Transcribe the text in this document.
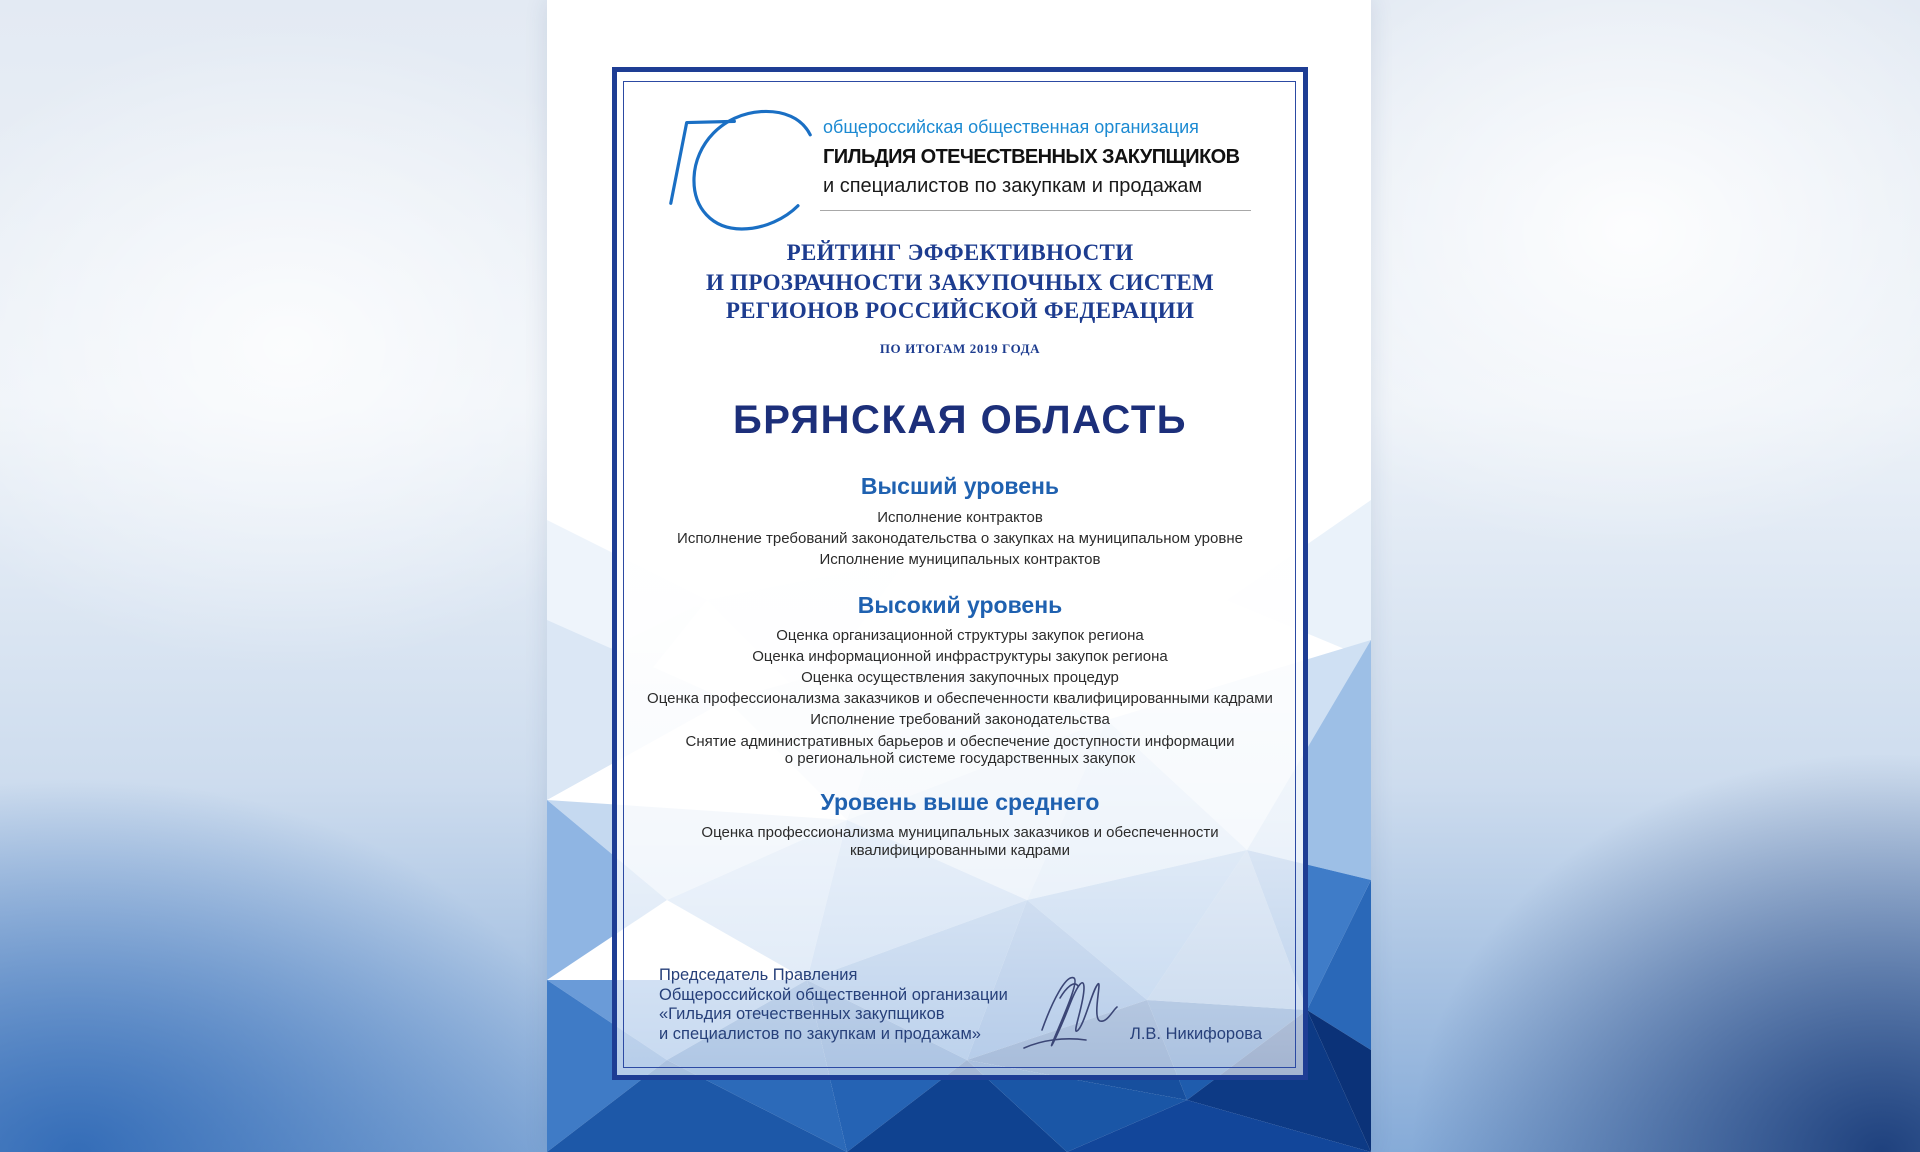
общероссийская общественная организация
ГИЛЬДИЯ ОТЕЧЕСТВЕННЫХ ЗАКУПЩИКОВ
и специалистов по закупкам и продажам
РЕЙТИНГ ЭФФЕКТИВНОСТИ
И ПРОЗРАЧНОСТИ ЗАКУПОЧНЫХ СИСТЕМ
РЕГИОНОВ РОССИЙСКОЙ ФЕДЕРАЦИИ
ПО ИТОГАМ 2019 ГОДА
БРЯНСКАЯ ОБЛАСТЬ
Высший уровень
Исполнение контрактов
Исполнение требований законодательства о закупках на муниципальном уровне
Исполнение муниципальных контрактов
Высокий уровень
Оценка организационной структуры закупок региона
Оценка информационной инфраструктуры закупок региона
Оценка осуществления закупочных процедур
Оценка профессионализма заказчиков и обеспеченности квалифицированными кадрами
Исполнение требований законодательства
Снятие административных барьеров и обеспечение доступности информации
о региональной системе государственных закупок
Уровень выше среднего
Оценка профессионализма муниципальных заказчиков и обеспеченности
квалифицированными кадрами
Председатель Правления
Общероссийской общественной организации
«Гильдия отечественных закупщиков
и специалистов по закупкам и продажам»	Л.В. Никифорова
